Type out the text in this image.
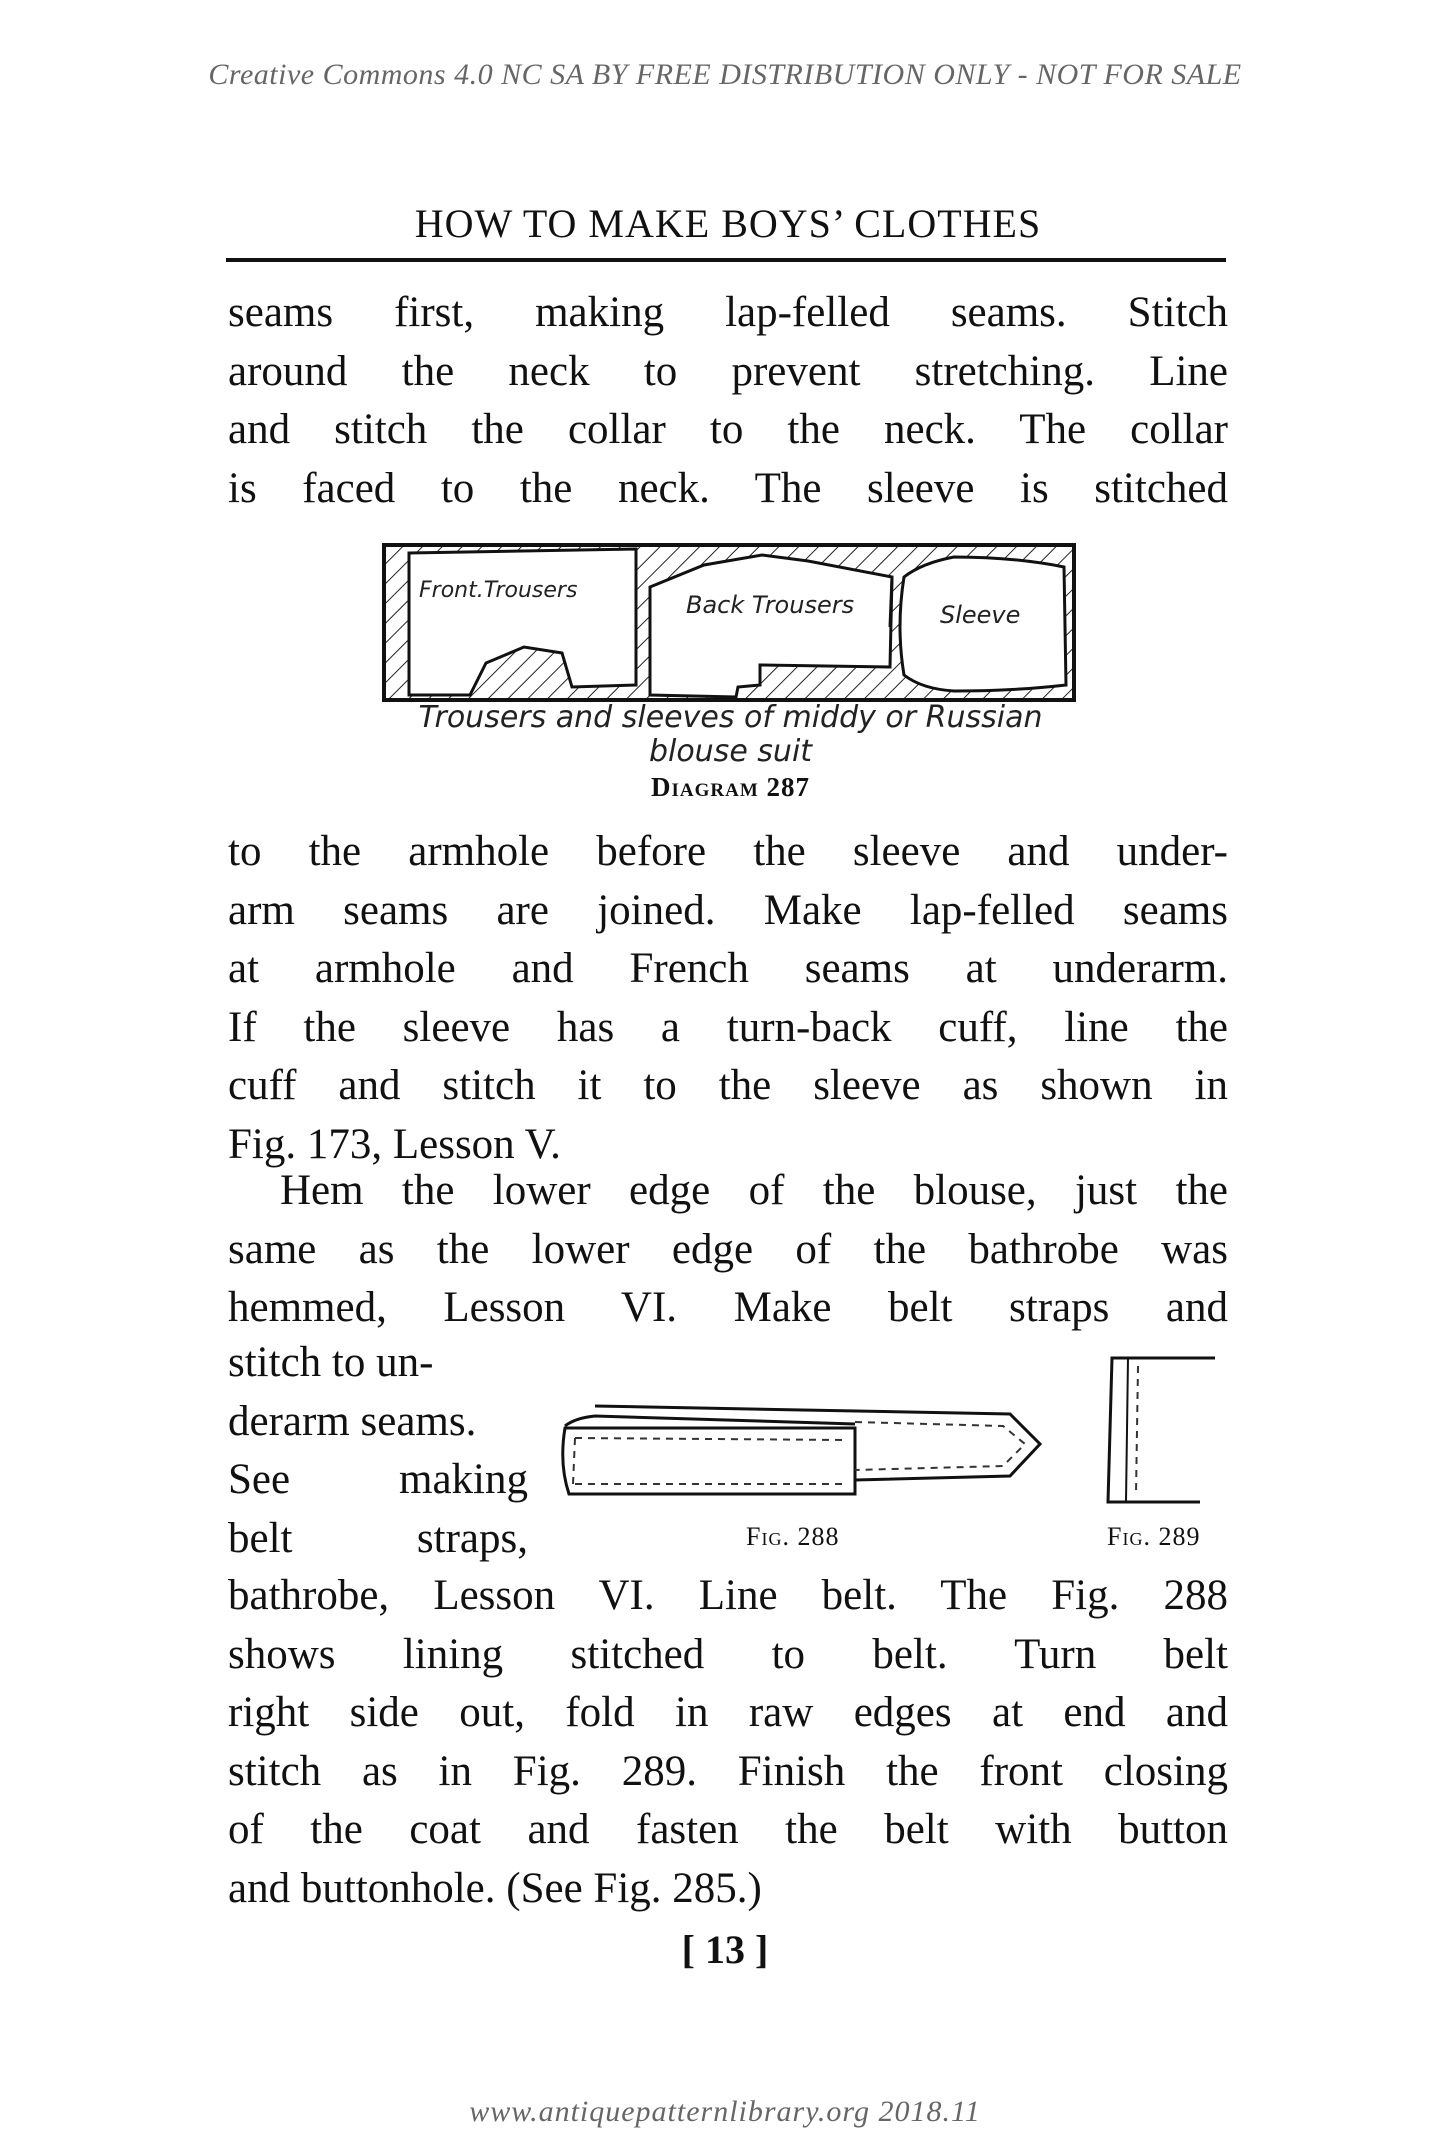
Creative Commons 4.0 NC SA BY FREE DISTRIBUTION ONLY - NOT FOR SALE
HOW TO MAKE BOYS’ CLOTHES
seams first, making lap-felled seams. Stitch
around the neck to prevent stretching. Line
and stitch the collar to the neck. The collar
is faced to the neck. The sleeve is stitched
Front.Trousers
Back Trousers	Sleeve
Trousers and sleeves of middy or Russian
blouse suit
Diagram 287
to the armhole before the sleeve and under-
arm seams are joined. Make lap-felled seams
at armhole and French seams at underarm.
If the sleeve has a turn-back cuff, line the
cuff and stitch it to the sleeve as shown in
Fig. 173, Lesson V.
Hem the lower edge of the blouse, just the
same as the lower edge of the bathrobe was
hemmed, Lesson VI. Make belt straps and
stitch to un-
derarm seams.
See making
belt straps,	Fig. 288	Fig. 289
bathrobe, Lesson VI. Line belt. The Fig. 288
shows lining stitched to belt. Turn belt
right side out, fold in raw edges at end and
stitch as in Fig. 289. Finish the front closing
of the coat and fasten the belt with button
and buttonhole. (See Fig. 285.)
[ 13 ]
www.antiquepatternlibrary.org 2018.11
